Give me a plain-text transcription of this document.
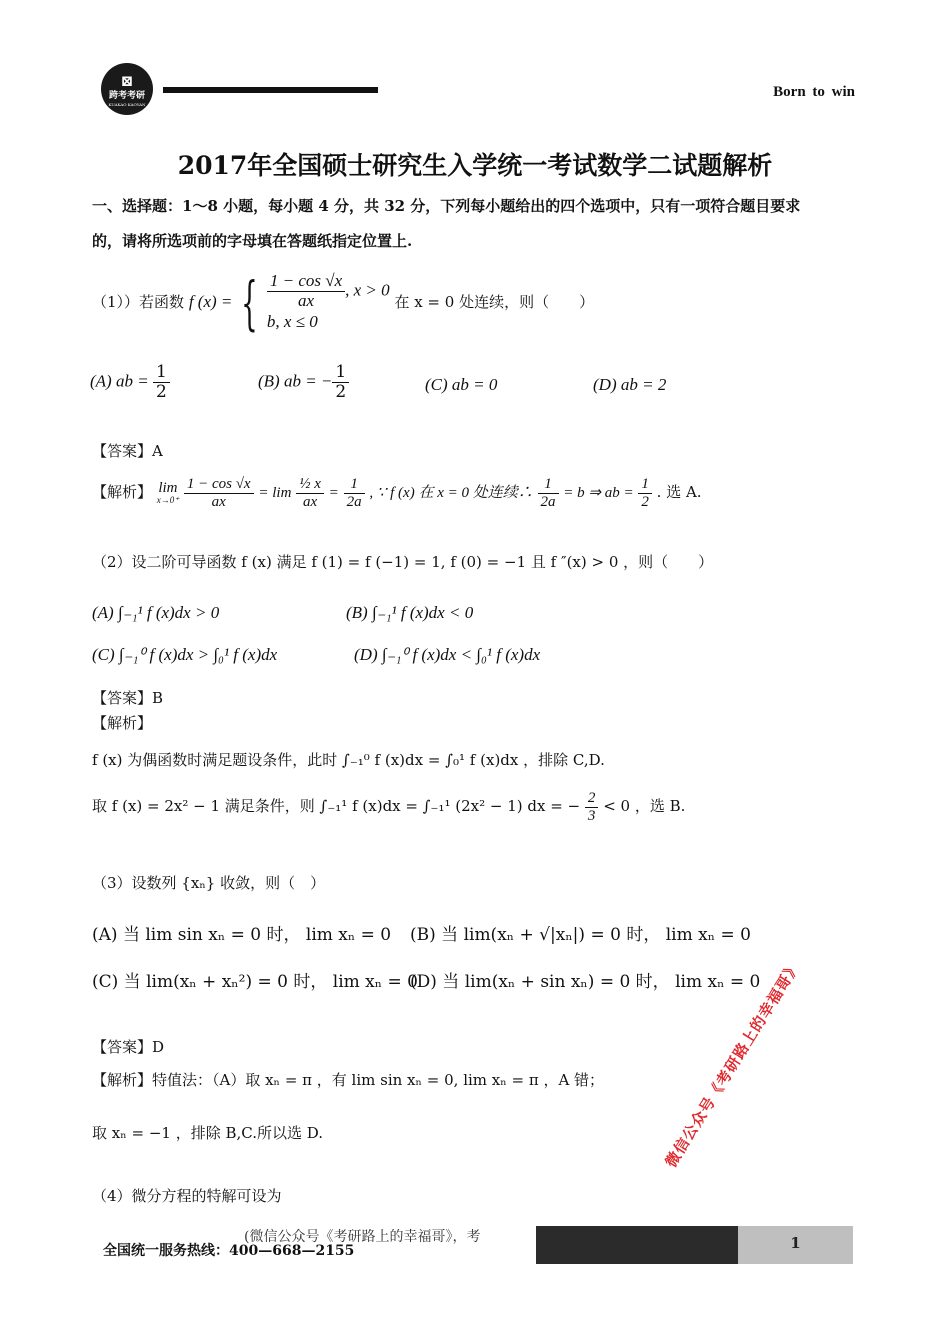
⊠
跨考考研
KUAKAO KAOYAN
Born to win
2017年全国硕士研究生入学统一考试数学二试题解析
一、选择题：1～8 小题，每小题 4 分，共 32 分，下列每小题给出的四个选项中，只有一项符合题目要求
的，请将所选项前的字母填在答题纸指定位置上.
（1））若函数 f (x) = { $\frac{1 - \cos √x}{ax}$ , x > 0
b, x ≤ 0
在 x = 0 处连续，则（　　）
(A) ab = $\frac{1}{2}$	(B) ab = − $\frac{1}{2}$	(C) ab = 0	(D) ab = 2
【答案】A
【解析】 lim
x→0⁺
$\frac{1 - \cos √x}{ax} = \lim \frac{\text{½ x}}{ax} = \frac{1}{2a}$ , ∵ f (x) 在 x = 0 处连续∴ $\frac{1}{2a} = b$ ⇒ ab = $\frac{1}{2}$ . 选 A.
（2）设二阶可导函数 f (x) 满足 f (1) = f (−1) = 1, f (0) = −1 且 f ″(x) > 0 ，则（　　）
(A) ∫₋₁¹ f (x)dx > 0	(B) ∫₋₁¹ f (x)dx < 0
(C) ∫₋₁⁰ f (x)dx > ∫₀¹ f (x)dx	(D) ∫₋₁⁰ f (x)dx < ∫₀¹ f (x)dx
【答案】B
【解析】
f (x) 为偶函数时满足题设条件，此时 ∫₋₁⁰ f (x)dx = ∫₀¹ f (x)dx ，排除 C,D.
取 f (x) = 2x² − 1 满足条件，则 ∫₋₁¹ f (x)dx = ∫₋₁¹ (2x² − 1) dx = − $\frac{2}{3} < 0$ ，选 B.
（3）设数列 {xₙ} 收敛，则（　）
(A) 当 lim sin xₙ = 0 时， lim xₙ = 0 (B) 当 lim(xₙ + √|xₙ|) = 0 时， lim xₙ = 0
(C) 当 lim(xₙ + xₙ²) = 0 时， lim xₙ = 0
(D) 当 lim(xₙ + sin xₙ) = 0 时， lim xₙ = 0
【答案】D
【解析】特值法：（A）取 xₙ = π ，有 lim sin xₙ = 0, lim xₙ = π ，A 错；
取 xₙ = −1 ，排除 B,C.所以选 D.
（4）微分方程的特解可设为
微信公众号《考研路上的幸福哥》
(微信公众号《考研路上的幸福哥》，考
全国统一服务热线：400—668—2155	1
